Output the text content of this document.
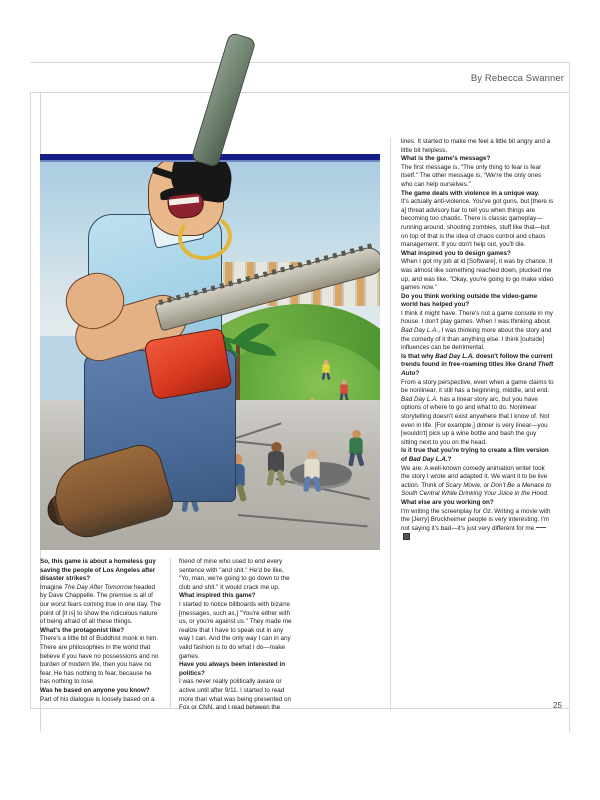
By Rebecca Swanner
So, this game is about a homeless guy saving the people of Los Angeles after disaster strikes?
Imagine The Day After Tomorrow headed by Dave Chappelle. The premise is all of our worst fears coming true in one day. The point of [it is] to show the ridiculous nature of being afraid of all these things.
What's the protagonist like?
There's a little bit of Buddhist monk in him. There are philosophies in the world that believe if you have no possessions and no burden of modern life, then you have no fear. He has nothing to fear, because he has nothing to lose.
Was he based on anyone you know?
Part of his dialogue is loosely based on a
friend of mine who used to end every sentence with "and shit." He'd be like, "Yo, man, we're going to go down to the club and shit." It would crack me up.
What inspired this game?
I started to notice billboards with bizarre [messages, such as,] "You're either with us, or you're against us." They made me realize that I have to speak out in any way I can. And the only way I can in any valid fashion is to do what I do—make games.
Have you always been interested in politics?
I was never really politically aware or active until after 9/11. I started to read more than what was being presented on Fox or CNN, and I read between the
lines. It started to make me feel a little bit angry and a little bit helpless.
What is the game's message?
The first message is, "The only thing to fear is fear itself." The other message is, "We're the only ones who can help ourselves."
The game deals with violence in a unique way.
It's actually anti-violence. You've got guns, but [there is a] threat advisory bar to tell you when things are becoming too chaotic. There is classic gameplay—running around, shooting zombies, stuff like that—but on top of that is the idea of chaos control and chaos management. If you don't help out, you'll die.
What inspired you to design games?
When I got my job at id [Software], it was by chance. It was almost like something reached down, plucked me up, and was like, "Okay, you're going to go make video games now."
Do you think working outside the video-game world has helped you?
I think it might have. There's not a game console in my house. I don't play games. When I was thinking about Bad Day L.A., I was thinking more about the story and the comedy of it than anything else. I think [outside] influences can be detrimental.
Is that why Bad Day L.A. doesn't follow the current trends found in free-roaming titles like Grand Theft Auto?
From a story perspective, even when a game claims to be nonlinear, it still has a beginning, middle, and end. Bad Day L.A. has a linear story arc, but you have options of where to go and what to do. Nonlinear storytelling doesn't exist anywhere that I know of. Not even in life. [For example,] dinner is very linear—you [wouldn't] pick up a wine bottle and bash the guy sitting next to you on the head.
Is it true that you're trying to create a film version of Bad Day L.A.?
We are. A well-known comedy animation writer took the story I wrote and adapted it. We want it to be live action. Think of Scary Movie, or Don't Be a Menace to South Central While Drinking Your Juice in the Hood.
What else are you working on?
I'm writing the screenplay for Oz. Writing a movie with the [Jerry] Bruckheimer people is very interesting. I'm not saying it's bad—it's just very different for me.
25
